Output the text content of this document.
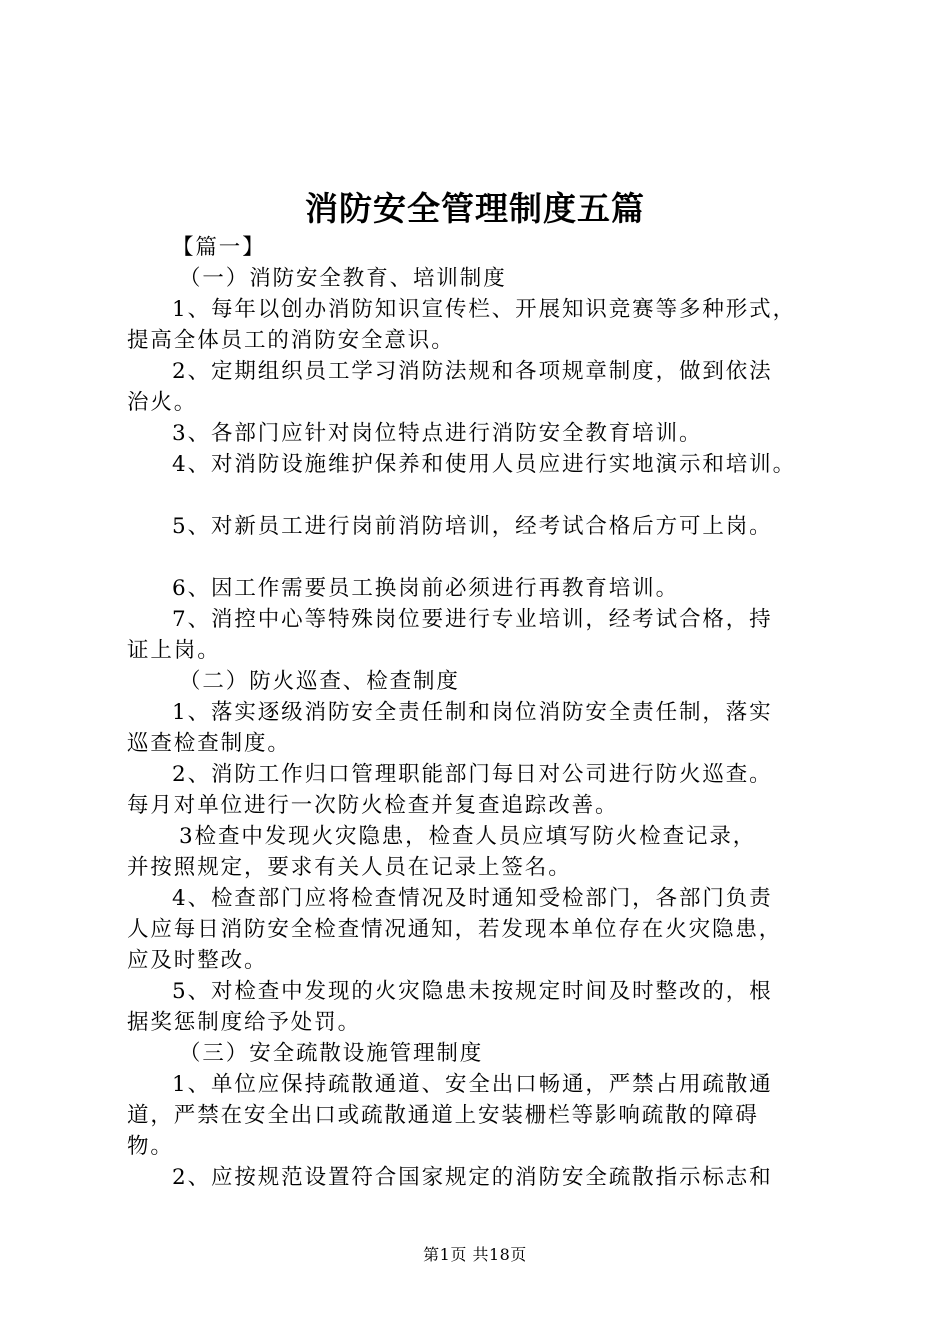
消防安全管理制度五篇
【篇一】
（一）消防安全教育、培训制度
1、每年以创办消防知识宣传栏、开展知识竞赛等多种形式，
提高全体员工的消防安全意识。
2、定期组织员工学习消防法规和各项规章制度，做到依法
治火。
3、各部门应针对岗位特点进行消防安全教育培训。
4、对消防设施维护保养和使用人员应进行实地演示和培训。
5、对新员工进行岗前消防培训，经考试合格后方可上岗。
6、因工作需要员工换岗前必须进行再教育培训。
7、消控中心等特殊岗位要进行专业培训，经考试合格，持
证上岗。
（二）防火巡查、检查制度
1、落实逐级消防安全责任制和岗位消防安全责任制，落实
巡查检查制度。
2、消防工作归口管理职能部门每日对公司进行防火巡查。
每月对单位进行一次防火检查并复查追踪改善。
3检查中发现火灾隐患，检查人员应填写防火检查记录，
并按照规定，要求有关人员在记录上签名。
4、检查部门应将检查情况及时通知受检部门，各部门负责
人应每日消防安全检查情况通知，若发现本单位存在火灾隐患，
应及时整改。
5、对检查中发现的火灾隐患未按规定时间及时整改的，根
据奖惩制度给予处罚。
（三）安全疏散设施管理制度
1、单位应保持疏散通道、安全出口畅通，严禁占用疏散通
道，严禁在安全出口或疏散通道上安装栅栏等影响疏散的障碍
物。
2、应按规范设置符合国家规定的消防安全疏散指示标志和
第1页 共18页
